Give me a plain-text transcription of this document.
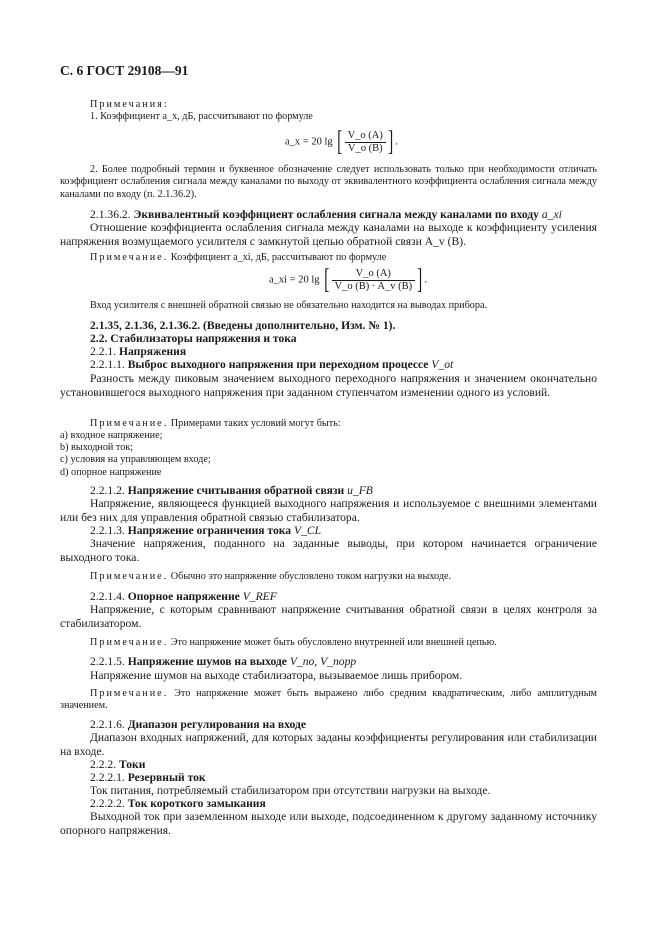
С. 6 ГОСТ 29108—91
Примечания:
1. Коэффициент a_x, дБ, рассчитывают по формуле
a_x = 20 lg [ $\frac{V\_o (A)}{V\_o (B)}$ ] .
2. Более подробный термин и буквенное обозначение следует использовать только при необходимости отличать коэффициент ослабления сигнала между каналами по выходу от эквивалентного коэффициента ослабления сигнала между каналами по входу (п. 2.1.36.2).
2.1.36.2. Эквивалентный коэффициент ослабления сигнала между каналами по входу a_xi
Отношение коэффициента ослабления сигнала между каналами на выходе к коэффициенту усиления напряжения возмущаемого усилителя с замкнутой цепью обратной связи A_v (B).
Примечание. Коэффициент a_xi, дБ, рассчитывают по формуле
a_xi = 20 lg [ $\frac{V\_o (A)}{V\_o (B) \cdot A\_v (B)}$ ] .
Вход усилителя с внешней обратной связью не обязательно находится на выводах прибора.
2.1.35, 2.1.36, 2.1.36.2. (Введены дополнительно, Изм. № 1).
2.2. Стабилизаторы напряжения и тока
2.2.1. Напряжения
2.2.1.1. Выброс выходного напряжения при переходном процессе V_ot
Разность между пиковым значением выходного переходного напряжения и значением окончательно установившегося выходного напряжения при заданном ступенчатом изменении одного из условий.
Примечание. Примерами таких условий могут быть:
a) входное напряжение;
b) выходной ток;
c) условия на управляющем входе;
d) опорное напряжение
2.2.1.2. Напряжение считывания обратной связи u_FB
Напряжение, являющееся функцией выходного напряжения и используемое с внешними элементами или без них для управления обратной связью стабилизатора.
2.2.1.3. Напряжение ограничения тока V_CL
Значение напряжения, поданного на заданные выводы, при котором начинается ограничение выходного тока.
Примечание. Обычно это напряжение обусловлено током нагрузки на выходе.
2.2.1.4. Опорное напряжение V_REF
Напряжение, с которым сравнивают напряжение считывания обратной связи в целях контроля за стабилизатором.
Примечание. Это напряжение может быть обусловлено внутренней или внешней цепью.
2.2.1.5. Напряжение шумов на выходе V_no, V_nopp
Напряжение шумов на выходе стабилизатора, вызываемое лишь прибором.
Примечание. Это напряжение может быть выражено либо средним квадратическим, либо амплитудным значением.
2.2.1.6. Диапазон регулирования на входе
Диапазон входных напряжений, для которых заданы коэффициенты регулирования или стабилизации на входе.
2.2.2. Токи
2.2.2.1. Резервный ток
Ток питания, потребляемый стабилизатором при отсутствии нагрузки на выходе.
2.2.2.2. Ток короткого замыкания
Выходной ток при заземленном выходе или выходе, подсоединенном к другому заданному источнику опорного напряжения.
